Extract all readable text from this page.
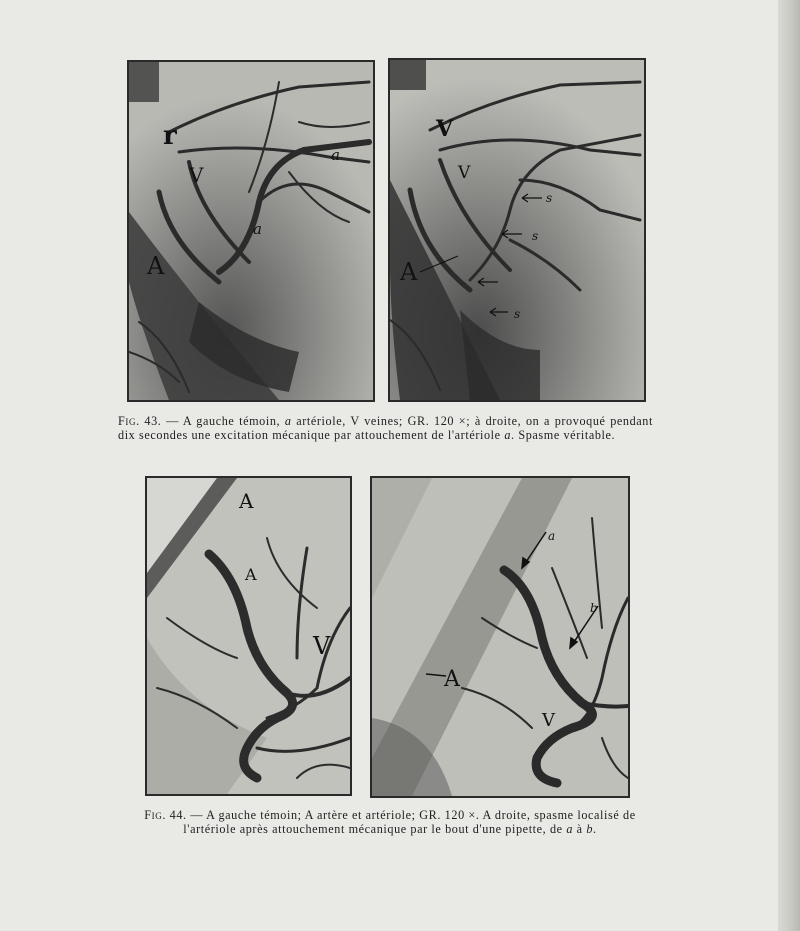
r
V
A
a
a
V
V
A
s
s
s
Fig. 43. — A gauche témoin, a artériole, V veines; GR. 120 ×; à droite, on a provoqué pendant dix secondes une excitation mécanique par attouchement de l'artériole a. Spasme véritable.
A
A
V
a
b
A
V
Fig. 44. — A gauche témoin; A artère et artériole; GR. 120 ×. A droite, spasme localisé de l'artériole après attouchement mécanique par le bout d'une pipette, de a à b.
